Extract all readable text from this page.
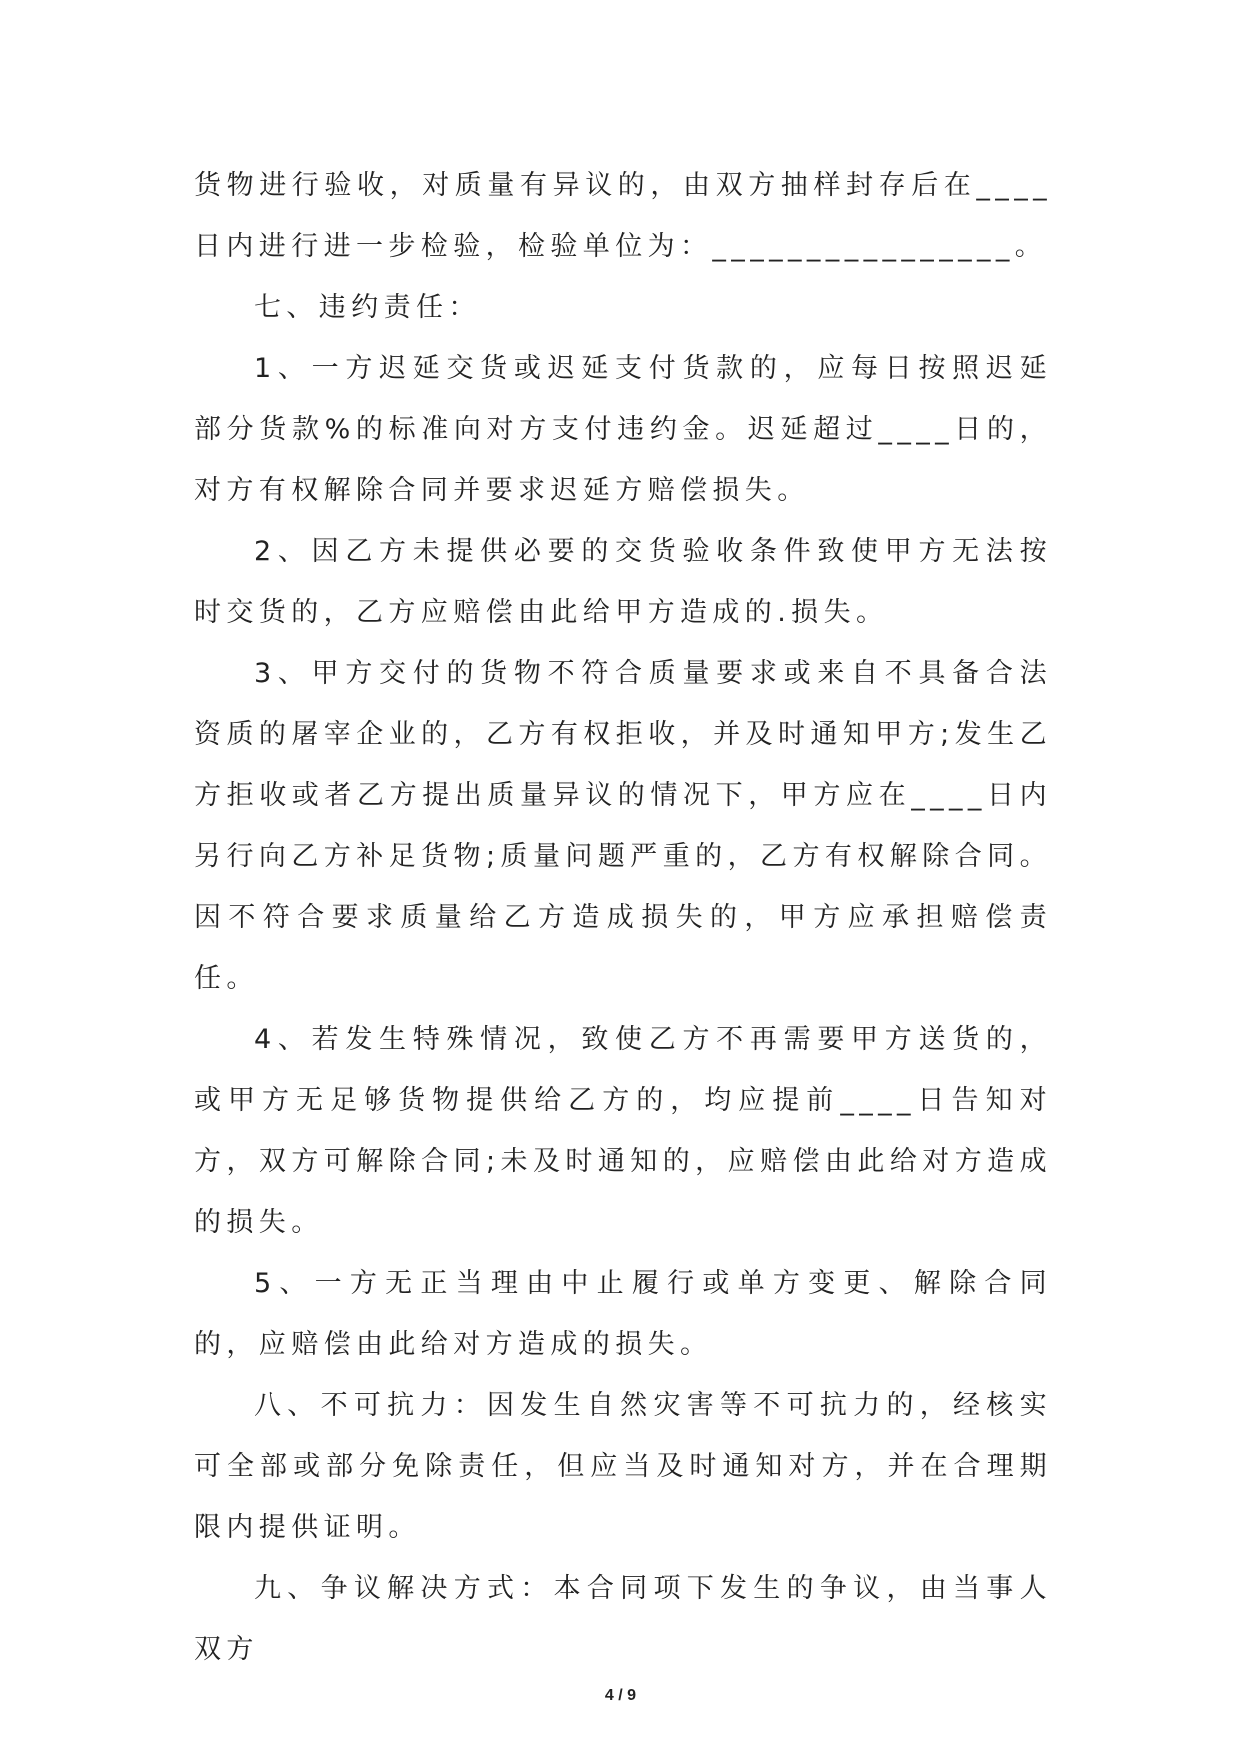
货物进行验收，对质量有异议的，由双方抽样封存后在____日内进行进一步检验，检验单位为：________________。

七、违约责任：

1、一方迟延交货或迟延支付货款的，应每日按照迟延部分货款%的标准向对方支付违约金。迟延超过____日的，对方有权解除合同并要求迟延方赔偿损失。

2、因乙方未提供必要的交货验收条件致使甲方无法按时交货的，乙方应赔偿由此给甲方造成的.损失。

3、甲方交付的货物不符合质量要求或来自不具备合法资质的屠宰企业的，乙方有权拒收，并及时通知甲方;发生乙方拒收或者乙方提出质量异议的情况下，甲方应在____日内另行向乙方补足货物;质量问题严重的，乙方有权解除合同。因不符合要求质量给乙方造成损失的，甲方应承担赔偿责任。

4、若发生特殊情况，致使乙方不再需要甲方送货的，或甲方无足够货物提供给乙方的，均应提前____日告知对方，双方可解除合同;未及时通知的，应赔偿由此给对方造成的损失。

5、一方无正当理由中止履行或单方变更、解除合同的，应赔偿由此给对方造成的损失。

八、不可抗力：因发生自然灾害等不可抗力的，经核实可全部或部分免除责任，但应当及时通知对方，并在合理期限内提供证明。

九、争议解决方式：本合同项下发生的争议，由当事人双方

4 / 9
